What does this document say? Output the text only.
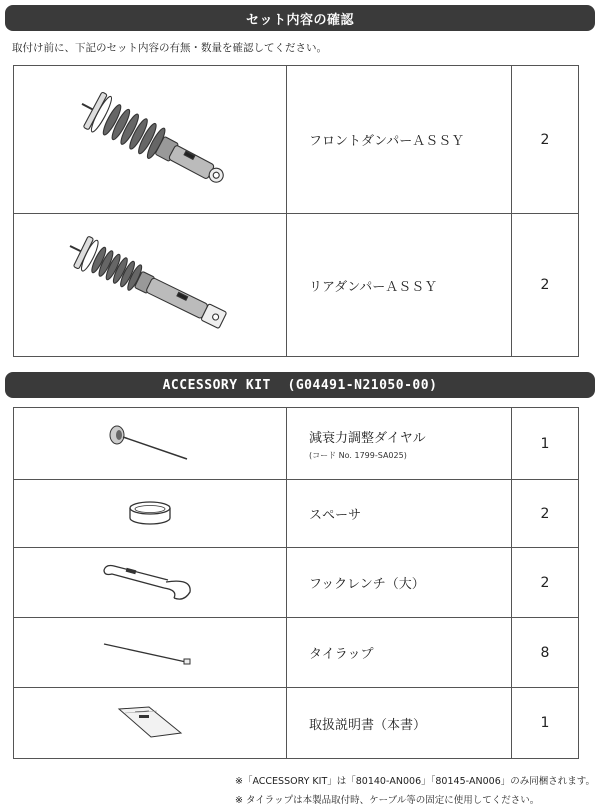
セット内容の確認
取付け前に、下記のセット内容の有無・数量を確認してください。
	フロントダンパーＡＳＳＹ	2

	リアダンパーＡＳＳＹ	2
ACCESSORY KIT  (G04491-N21050-00)
	減衰力調整ダイヤル
(コード No. 1799-SA025)	1

	スペーサ	2

	フックレンチ（大）	2

	タイラップ	8

	取扱説明書（本書）	1
※「ACCESSORY KIT」は「80140-AN006」「80145-AN006」のみ同梱されます。
※ タイラップは本製品取付時、ケーブル等の固定に使用してください。
